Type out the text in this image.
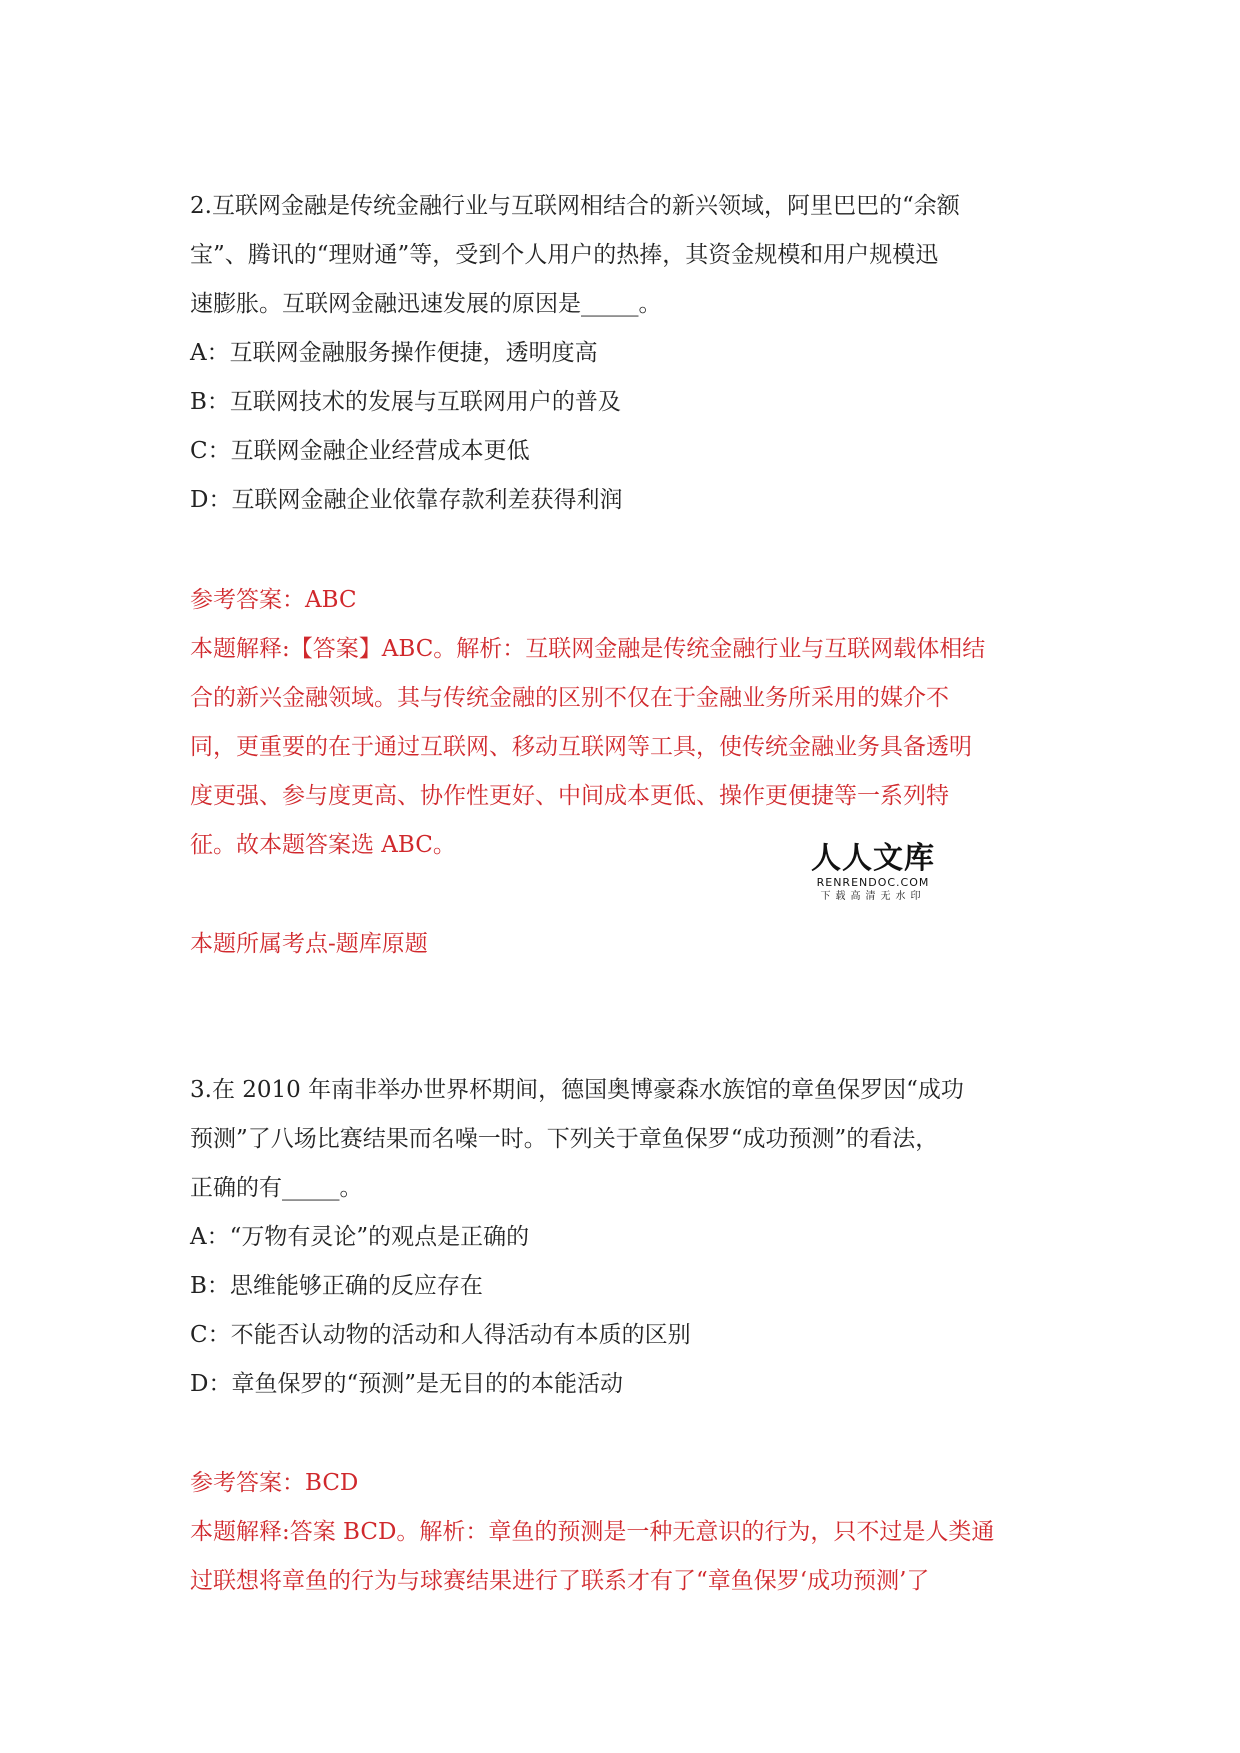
2.互联网金融是传统金融行业与互联网相结合的新兴领域，阿里巴巴的“余额
宝”、腾讯的“理财通”等，受到个人用户的热捧，其资金规模和用户规模迅
速膨胀。互联网金融迅速发展的原因是_____。
A：互联网金融服务操作便捷，透明度高
B：互联网技术的发展与互联网用户的普及
C：互联网金融企业经营成本更低
D：互联网金融企业依靠存款利差获得利润
参考答案：ABC
本题解释:【答案】ABC。解析：互联网金融是传统金融行业与互联网载体相结
合的新兴金融领域。其与传统金融的区别不仅在于金融业务所采用的媒介不
同，更重要的在于通过互联网、移动互联网等工具，使传统金融业务具备透明
度更强、参与度更高、协作性更好、中间成本更低、操作更便捷等一系列特
征。故本题答案选 ABC。	人人文库
RENRENDOC.COM
下载高清无水印
本题所属考点-题库原题
3.在 2010 年南非举办世界杯期间，德国奥博豪森水族馆的章鱼保罗因“成功
预测”了八场比赛结果而名噪一时。下列关于章鱼保罗“成功预测”的看法，
正确的有_____。
A：“万物有灵论”的观点是正确的
B：思维能够正确的反应存在
C：不能否认动物的活动和人得活动有本质的区别
D：章鱼保罗的“预测”是无目的的本能活动
参考答案：BCD
本题解释:答案 BCD。解析：章鱼的预测是一种无意识的行为，只不过是人类通
过联想将章鱼的行为与球赛结果进行了联系才有了“章鱼保罗‘成功预测’了
